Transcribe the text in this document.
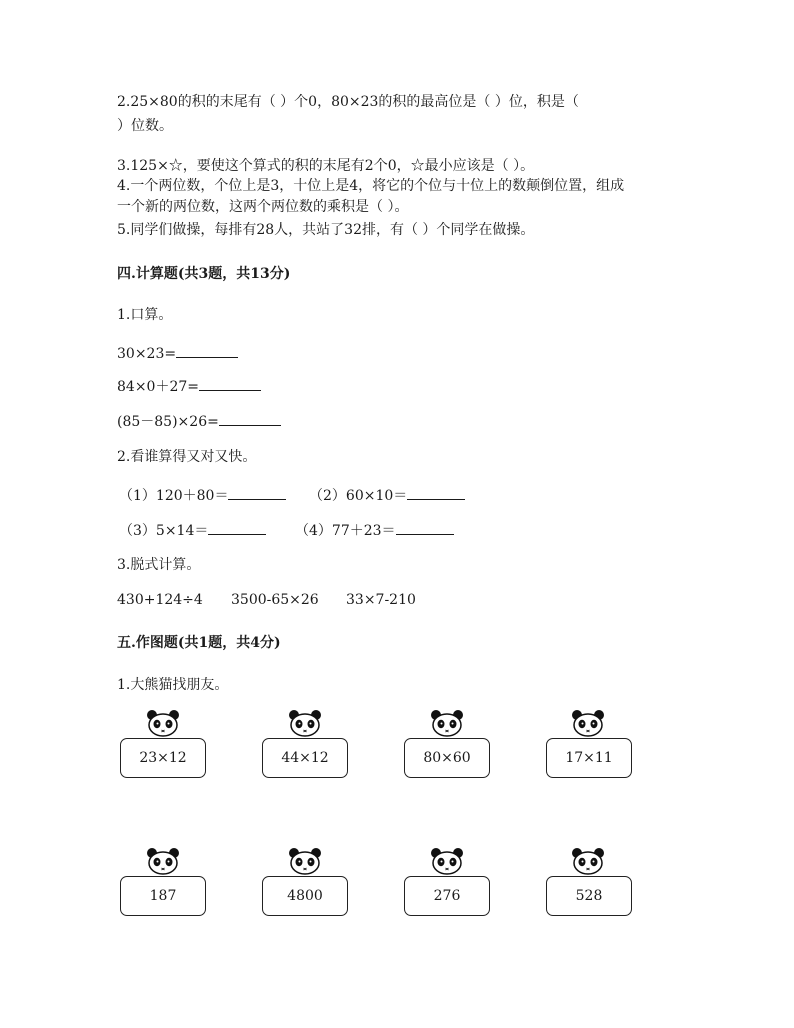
2.25×80的积的末尾有（ ）个0，80×23的积的最高位是（ ）位，积是（
）位数。
3.125×☆，要使这个算式的积的末尾有2个0，☆最小应该是（ ）。
4.一个两位数，个位上是3，十位上是4，将它的个位与十位上的数颠倒位置，组成
一个新的两位数，这两个两位数的乘积是（ ）。
5.同学们做操，每排有28人，共站了32排，有（ ）个同学在做操。
四.计算题(共3题，共13分)
1.口算。
30×23=
84×0＋27=
(85－85)×26=
2.看谁算得又对又快。
（1）120＋80＝	（2）60×10＝
（3）5×14＝	（4）77＋23＝
3.脱式计算。
430+124÷4 3500-65×26 33×7-210
五.作图题(共1题，共4分)
1.大熊猫找朋友。
23×12	44×12	80×60	17×11
187	4800	276	528
